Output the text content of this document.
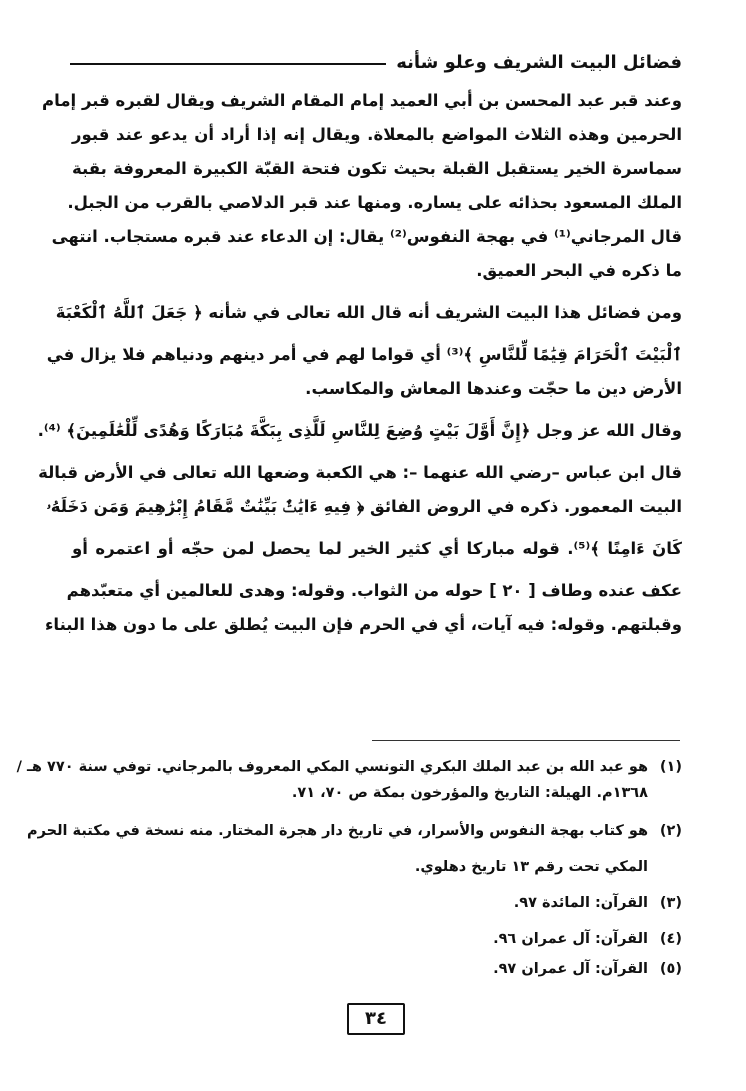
فضائل البيت الشريف وعلو شأنه
وعند قبر عبد المحسن بن أبي العميد إمام المقام الشريف ويقال لقبره قبر إمام
الحرمين وهذه الثلاث المواضع بالمعلاة. ويقال إنه إذا أراد أن يدعو عند قبور
سماسرة الخير يستقبل القبلة بحيث تكون فتحة القبّة الكبيرة المعروفة بقبة
الملك المسعود بحذائه على يساره. ومنها عند قبر الدلاصي بالقرب من الجبل.
قال المرجاني⁽¹⁾ في بهجة النفوس⁽²⁾ يقال: إن الدعاء عند قبره مستجاب. انتهى
ما ذكره في البحر العميق.
ومن فضائل هذا البيت الشريف أنه قال الله تعالى في شأنه ﴿ جَعَلَ ٱللَّهُ ٱلْكَعْبَةَ
ٱلْبَيْتَ ٱلْحَرَامَ قِيَٰمًا لِّلنَّاسِ ﴾⁽³⁾ أي قواما لهم في أمر دينهم ودنياهم فلا يزال في
الأرض دين ما حجّت وعندها المعاش والمكاسب.
وقال الله عز وجل ﴿إِنَّ أَوَّلَ بَيْتٍ وُضِعَ لِلنَّاسِ لَلَّذِى بِبَكَّةَ مُبَارَكًا وَهُدًى لِّلْعَٰلَمِينَ﴾ ⁽⁴⁾.
قال ابن عباس –رضي الله عنهما –: هي الكعبة وضعها الله تعالى في الأرض قبالة
البيت المعمور. ذكره في الروض الفائق ﴿ فِيهِ ءَايَٰتٌۢ بَيِّنَٰتٌ مَّقَامُ إِبْرَٰهِيمَ وَمَن دَخَلَهُۥ
كَانَ ءَامِنًا ﴾⁽⁵⁾. قوله مباركا أي كثير الخير لما يحصل لمن حجّه أو اعتمره أو
عكف عنده وطاف [ ٢٠ ] حوله من الثواب. وقوله: وهدى للعالمين أي متعبّدهم
وقبلتهم. وقوله: فيه آيات، أي في الحرم فإن البيت يُطلق على ما دون هذا البناء
(١)هو عبد الله بن عبد الملك البكري التونسي المكي المعروف بالمرجاني. توفي سنة ٧٧٠ هـ /
١٣٦٨م. الهيلة: التاريخ والمؤرخون بمكة ص ٧٠، ٧١.
(٢)هو كتاب بهجة النفوس والأسرار، في تاريخ دار هجرة المختار. منه نسخة في مكتبة الحرم
المكي تحت رقم ١٣ تاريخ دهلوي.
(٣)القرآن: المائدة ٩٧.
(٤)القرآن: آل عمران ٩٦.
(٥)القرآن: آل عمران ٩٧.
٣٤
